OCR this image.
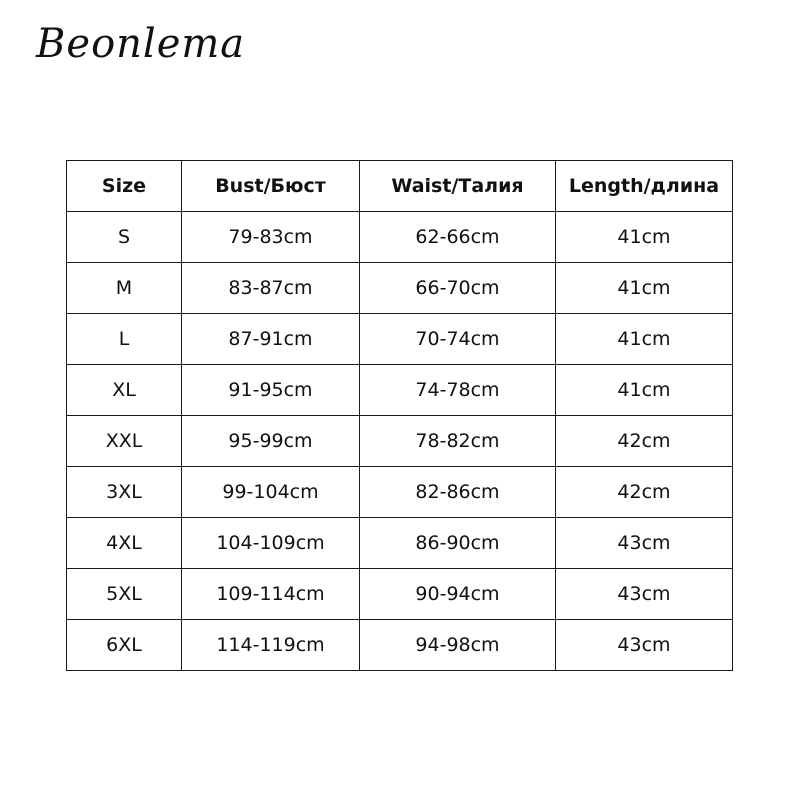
Beonlema
Size	Bust/Бюст	Waist/Талия	Length/длина
S	79-83cm	62-66cm	41cm
M	83-87cm	66-70cm	41cm
L	87-91cm	70-74cm	41cm
XL	91-95cm	74-78cm	41cm
XXL	95-99cm	78-82cm	42cm
3XL	99-104cm	82-86cm	42cm
4XL	104-109cm	86-90cm	43cm
5XL	109-114cm	90-94cm	43cm
6XL	114-119cm	94-98cm	43cm
